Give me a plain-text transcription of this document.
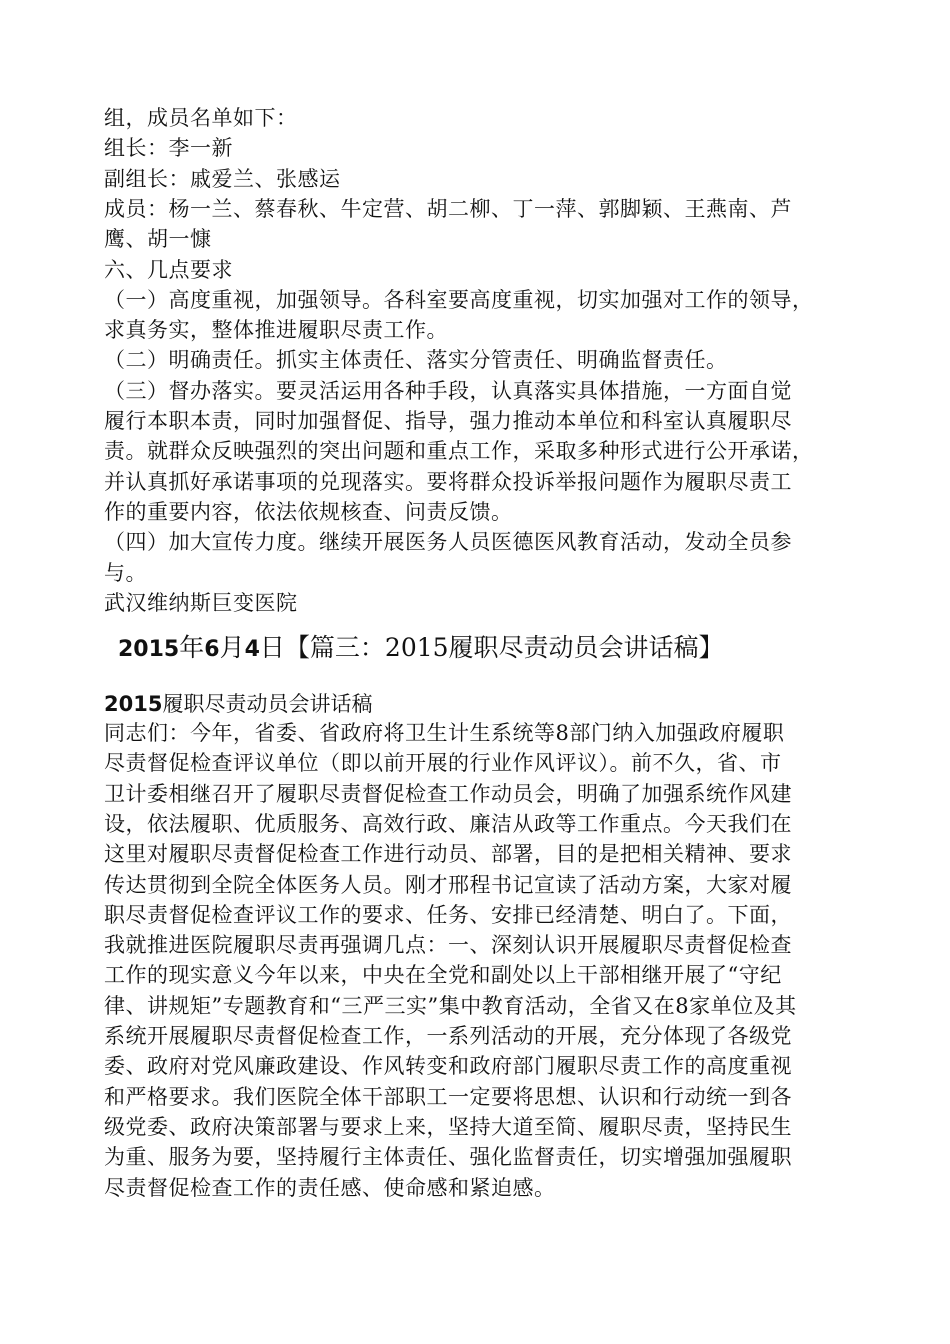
组，成员名单如下：
组长：李一新
副组长：戚爱兰、张感运
成员：杨一兰、蔡春秋、牛定营、胡二柳、丁一萍、郭脚颖、王燕南、芦
鹰、胡一慷
六、几点要求
（一）高度重视，加强领导。各科室要高度重视，切实加强对工作的领导，
求真务实，整体推进履职尽责工作。
（二）明确责任。抓实主体责任、落实分管责任、明确监督责任。
（三）督办落实。要灵活运用各种手段，认真落实具体措施，一方面自觉
履行本职本责，同时加强督促、指导，强力推动本单位和科室认真履职尽
责。就群众反映强烈的突出问题和重点工作，采取多种形式进行公开承诺，
并认真抓好承诺事项的兑现落实。要将群众投诉举报问题作为履职尽责工
作的重要内容，依法依规核查、问责反馈。
（四）加大宣传力度。继续开展医务人员医德医风教育活动，发动全员参
与。
武汉维纳斯巨变医院
2015年6月4日【篇三：2015履职尽责动员会讲话稿】
2015履职尽责动员会讲话稿
同志们：今年，省委、省政府将卫生计生系统等8部门纳入加强政府履职
尽责督促检查评议单位（即以前开展的行业作风评议）。前不久，省、市
卫计委相继召开了履职尽责督促检查工作动员会，明确了加强系统作风建
设，依法履职、优质服务、高效行政、廉洁从政等工作重点。今天我们在
这里对履职尽责督促检查工作进行动员、部署，目的是把相关精神、要求
传达贯彻到全院全体医务人员。刚才邢程书记宣读了活动方案，大家对履
职尽责督促检查评议工作的要求、任务、安排已经清楚、明白了。下面，
我就推进医院履职尽责再强调几点：一、深刻认识开展履职尽责督促检查
工作的现实意义今年以来，中央在全党和副处以上干部相继开展了“守纪
律、讲规矩”专题教育和“三严三实”集中教育活动，全省又在8家单位及其
系统开展履职尽责督促检查工作，一系列活动的开展，充分体现了各级党
委、政府对党风廉政建设、作风转变和政府部门履职尽责工作的高度重视
和严格要求。我们医院全体干部职工一定要将思想、认识和行动统一到各
级党委、政府决策部署与要求上来，坚持大道至简、履职尽责，坚持民生
为重、服务为要，坚持履行主体责任、强化监督责任，切实增强加强履职
尽责督促检查工作的责任感、使命感和紧迫感。
